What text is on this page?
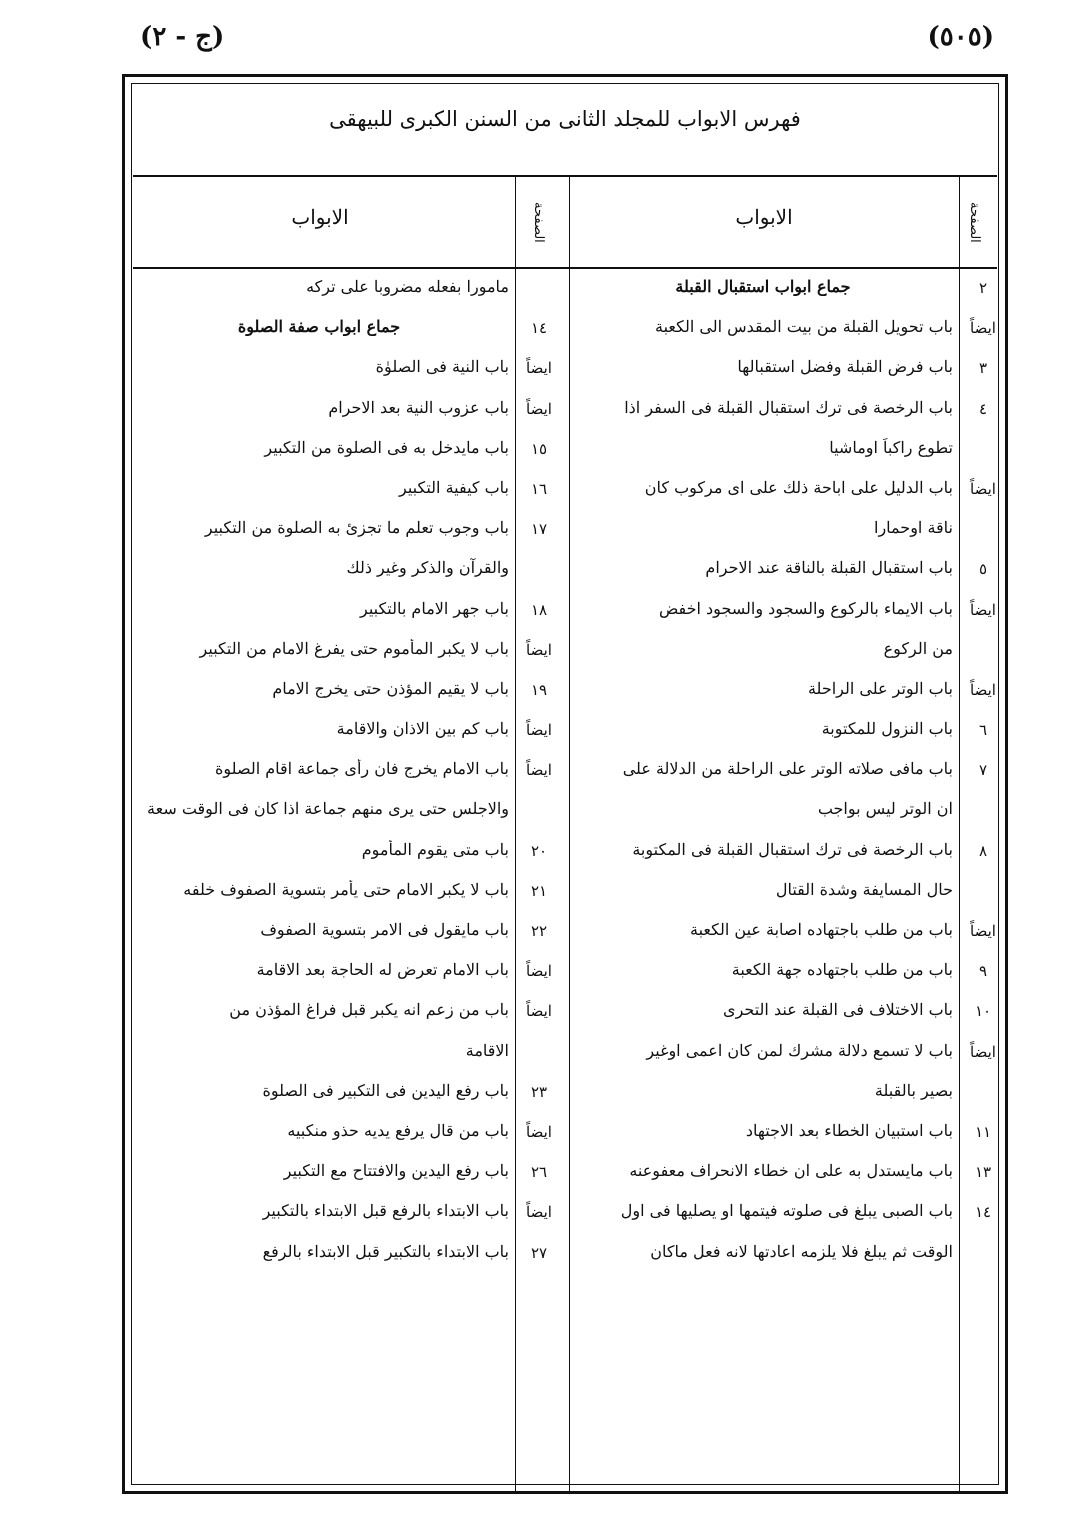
(ج - ٢)	(٥٠٥)
فهرس الابواب للمجلد الثانى من السنن الكبرى للبيهقى
الابواب	الصفحة
الابواب	الصفحة
جماع ابواب استقبال القبلة	٢
باب تحويل القبلة من بيت المقدس الى الكعبة	ايضاً
باب فرض القبلة وفضل استقبالها	٣
باب الرخصة فى ترك استقبال القبلة فى السفر اذا	٤
تطوع راكباً اوماشيا
باب الدليل على اباحة ذلك على اى مركوب كان	ايضاً
ناقة اوحمارا
باب استقبال القبلة بالناقة عند الاحرام	٥
باب الايماء بالركوع والسجود والسجود اخفض	ايضاً
من الركوع
باب الوتر على الراحلة	ايضاً
باب النزول للمكتوبة	٦
باب مافى صلاته الوتر على الراحلة من الدلالة على	٧
ان الوتر ليس بواجب
باب الرخصة فى ترك استقبال القبلة فى المكتوبة	٨
حال المسايفة وشدة القتال
باب من طلب باجتهاده اصابة عين الكعبة	ايضاً
باب من طلب باجتهاده جهة الكعبة	٩
باب الاختلاف فى القبلة عند التحرى	١٠
باب لا تسمع دلالة مشرك لمن كان اعمى اوغير	ايضاً
بصير بالقبلة
باب استبيان الخطاء بعد الاجتهاد	١١
باب مايستدل به على ان خطاء الانحراف معفوعنه	١٣
باب الصبى يبلغ فى صلوته فيتمها او يصليها فى اول	١٤
الوقت ثم يبلغ فلا يلزمه اعادتها لانه فعل ماكان
مامورا بفعله مضروبا على تركه
جماع ابواب صفة الصلوة	١٤
باب النية فى الصلوٰة	ايضاً
باب عزوب النية بعد الاحرام	ايضاً
باب مايدخل به فى الصلوة من التكبير	١٥
باب كيفية التكبير	١٦
باب وجوب تعلم ما تجزئ به الصلوة من التكبير	١٧
والقرآن والذكر وغير ذلك
باب جهر الامام بالتكبير	١٨
باب لا يكبر المأموم حتى يفرغ الامام من التكبير	ايضاً
باب لا يقيم المؤذن حتى يخرج الامام	١٩
باب كم بين الاذان والاقامة	ايضاً
باب الامام يخرج فان رأى جماعة اقام الصلوة	ايضاً
والاجلس حتى يرى منهم جماعة اذا كان فى الوقت سعة
باب متى يقوم المأموم	٢٠
باب لا يكبر الامام حتى يأمر بتسوية الصفوف خلفه	٢١
باب مايقول فى الامر بتسوية الصفوف	٢٢
باب الامام تعرض له الحاجة بعد الاقامة	ايضاً
باب من زعم انه يكبر قبل فراغ المؤذن من	ايضاً
الاقامة
باب رفع اليدين فى التكبير فى الصلوة	٢٣
باب من قال يرفع يديه حذو منكبيه	ايضاً
باب رفع اليدين والافتتاح مع التكبير	٢٦
باب الابتداء بالرفع قبل الابتداء بالتكبير	ايضاً
باب الابتداء بالتكبير قبل الابتداء بالرفع	٢٧
